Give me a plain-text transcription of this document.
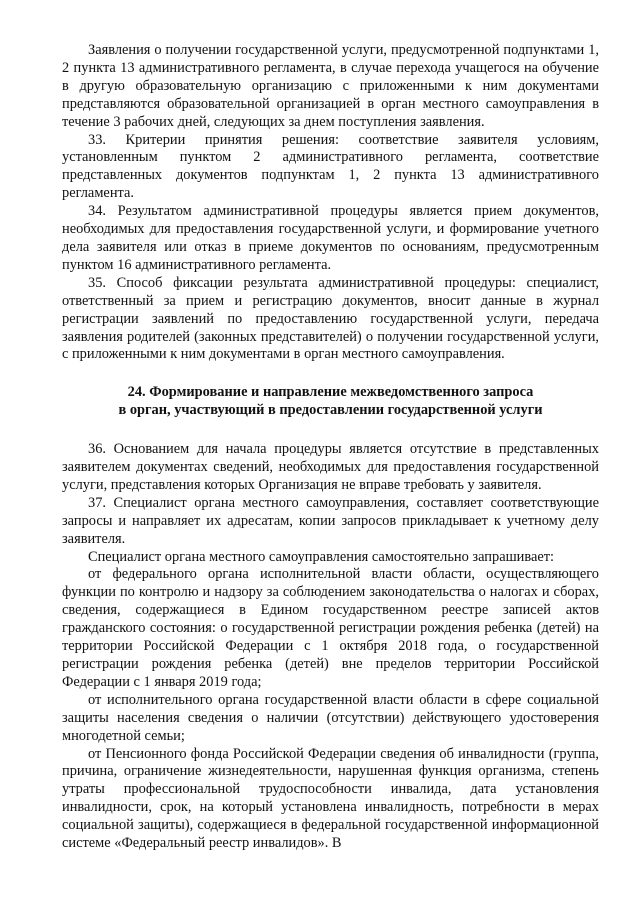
Заявления о получении государственной услуги, предусмотренной подпунктами 1, 2 пункта 13 административного регламента, в случае перехода учащегося на обучение в другую образовательную организацию с приложенными к ним документами представляются образовательной организацией в орган местного самоуправления в течение 3 рабочих дней, следующих за днем поступления заявления.

33. Критерии принятия решения: соответствие заявителя условиям, установленным пунктом 2 административного регламента, соответствие представленных документов подпунктам 1, 2 пункта 13 административного регламента.

34. Результатом административной процедуры является прием документов, необходимых для предоставления государственной услуги, и формирование учетного дела заявителя или отказ в приеме документов по основаниям, предусмотренным пунктом 16 административного регламента.

35. Способ фиксации результата административной процедуры: специалист, ответственный за прием и регистрацию документов, вносит данные в журнал регистрации заявлений по предоставлению государственной услуги, передача заявления родителей (законных представителей) о получении государственной услуги, с приложенными к ним документами в орган местного самоуправления.

24. Формирование и направление межведомственного запроса
в орган, участвующий в предоставлении государственной услуги

36. Основанием для начала процедуры является отсутствие в представленных заявителем документах сведений, необходимых для предоставления государственной услуги, представления которых Организация не вправе требовать у заявителя.

37. Специалист органа местного самоуправления, составляет соответствующие запросы и направляет их адресатам, копии запросов прикладывает к учетному делу заявителя.

Специалист органа местного самоуправления самостоятельно запрашивает:

от федерального органа исполнительной власти области, осуществляющего функции по контролю и надзору за соблюдением законодательства о налогах и сборах, сведения, содержащиеся в Едином государственном реестре записей актов гражданского состояния: о государственной регистрации рождения ребенка (детей) на территории Российской Федерации с 1 октября 2018 года, о государственной регистрации рождения ребенка (детей) вне пределов территории Российской Федерации с 1 января 2019 года;

от исполнительного органа государственной власти области в сфере социальной защиты населения сведения о наличии (отсутствии) действующего удостоверения многодетной семьи;

от Пенсионного фонда Российской Федерации сведения об инвалидности (группа, причина, ограничение жизнедеятельности, нарушенная функция организма, степень утраты профессиональной трудоспособности инвалида, дата установления инвалидности, срок, на который установлена инвалидность, потребности в мерах социальной защиты), содержащиеся в федеральной государственной информационной системе «Федеральный реестр инвалидов». В
